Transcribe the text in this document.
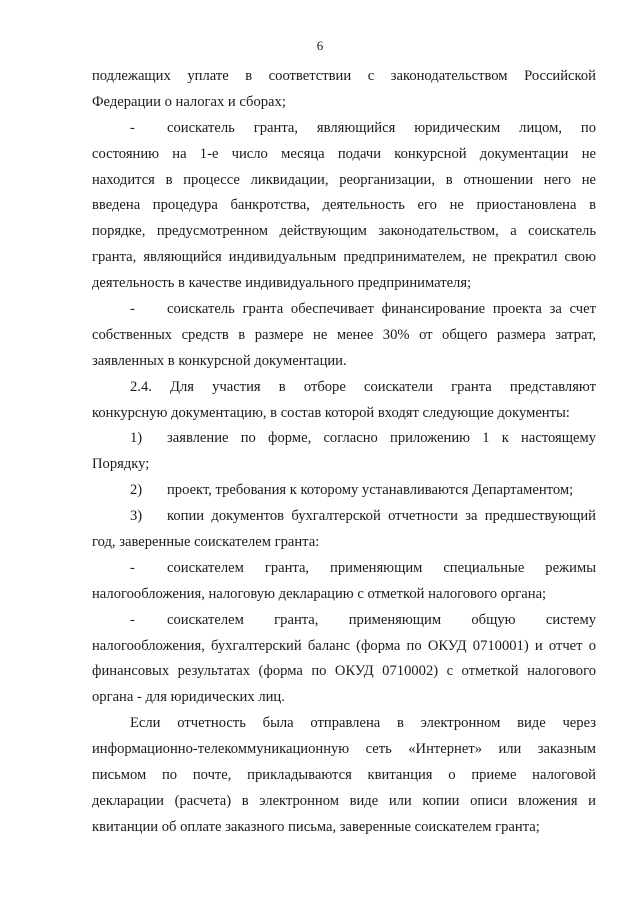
6
подлежащих уплате в соответствии с законодательством Российской
Федерации о налогах и сборах;
-	соискатель гранта, являющийся юридическим лицом, по
состоянию на 1-е число месяца подачи конкурсной документации не
находится в процессе ликвидации, реорганизации, в отношении него не
введена процедура банкротства, деятельность его не приостановлена в
порядке, предусмотренном действующим законодательством, а соискатель
гранта, являющийся индивидуальным предпринимателем, не прекратил свою
деятельность в качестве индивидуального предпринимателя;
-	соискатель гранта обеспечивает финансирование проекта за счет
собственных средств в размере не менее 30% от общего размера затрат,
заявленных в конкурсной документации.
2.4. Для участия в отборе соискатели гранта представляют
конкурсную документацию, в состав которой входят следующие документы:
1)	заявление по форме, согласно приложению 1 к настоящему
Порядку;
2)	проект, требования к которому устанавливаются Департаментом;
3)	копии документов бухгалтерской отчетности за предшествующий
год, заверенные соискателем гранта:
-	соискателем гранта, применяющим специальные режимы
налогообложения, налоговую декларацию с отметкой налогового органа;
-	соискателем гранта, применяющим общую систему
налогообложения, бухгалтерский баланс (форма по ОКУД 0710001) и отчет о
финансовых результатах (форма по ОКУД 0710002) с отметкой налогового
органа - для юридических лиц.
Если отчетность была отправлена в электронном виде через
информационно-телекоммуникационную сеть «Интернет» или заказным
письмом по почте, прикладываются квитанция о приеме налоговой
декларации (расчета) в электронном виде или копии описи вложения и
квитанции об оплате заказного письма, заверенные соискателем гранта;
